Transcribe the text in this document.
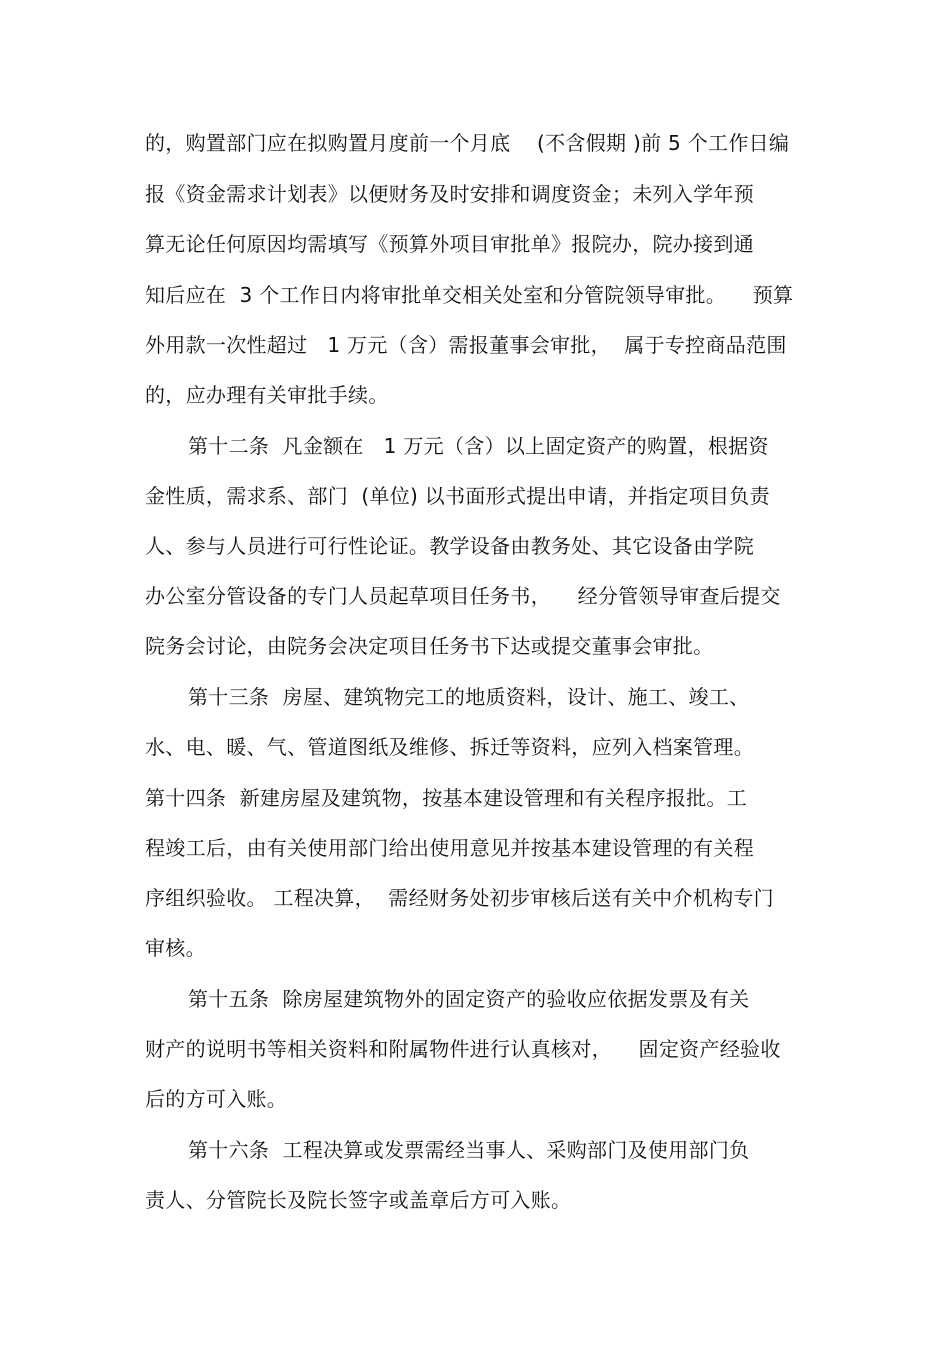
的，购置部门应在拟购置月度前一个月底    (不含假期 )前 5 个工作日编
报《资金需求计划表》以便财务及时安排和调度资金；未列入学年预
算无论任何原因均需填写《预算外项目审批单》报院办，院办接到通
知后应在  3 个工作日内将审批单交相关处室和分管院领导审批。    预算
外用款一次性超过   1 万元（含）需报董事会审批，  属于专控商品范围
的，应办理有关审批手续。
第十二条  凡金额在   1 万元（含）以上固定资产的购置，根据资
金性质，需求系、部门  (单位) 以书面形式提出申请，并指定项目负责
人、参与人员进行可行性论证。教学设备由教务处、其它设备由学院
办公室分管设备的专门人员起草项目任务书，    经分管领导审查后提交
院务会讨论，由院务会决定项目任务书下达或提交董事会审批。
第十三条  房屋、建筑物完工的地质资料，设计、施工、竣工、
水、电、暖、气、管道图纸及维修、拆迁等资料，应列入档案管理。
第十四条  新建房屋及建筑物，按基本建设管理和有关程序报批。工
程竣工后，由有关使用部门给出使用意见并按基本建设管理的有关程
序组织验收。 工程决算，  需经财务处初步审核后送有关中介机构专门
审核。
第十五条  除房屋建筑物外的固定资产的验收应依据发票及有关
财产的说明书等相关资料和附属物件进行认真核对，    固定资产经验收
后的方可入账。
第十六条  工程决算或发票需经当事人、采购部门及使用部门负
责人、分管院长及院长签字或盖章后方可入账。
